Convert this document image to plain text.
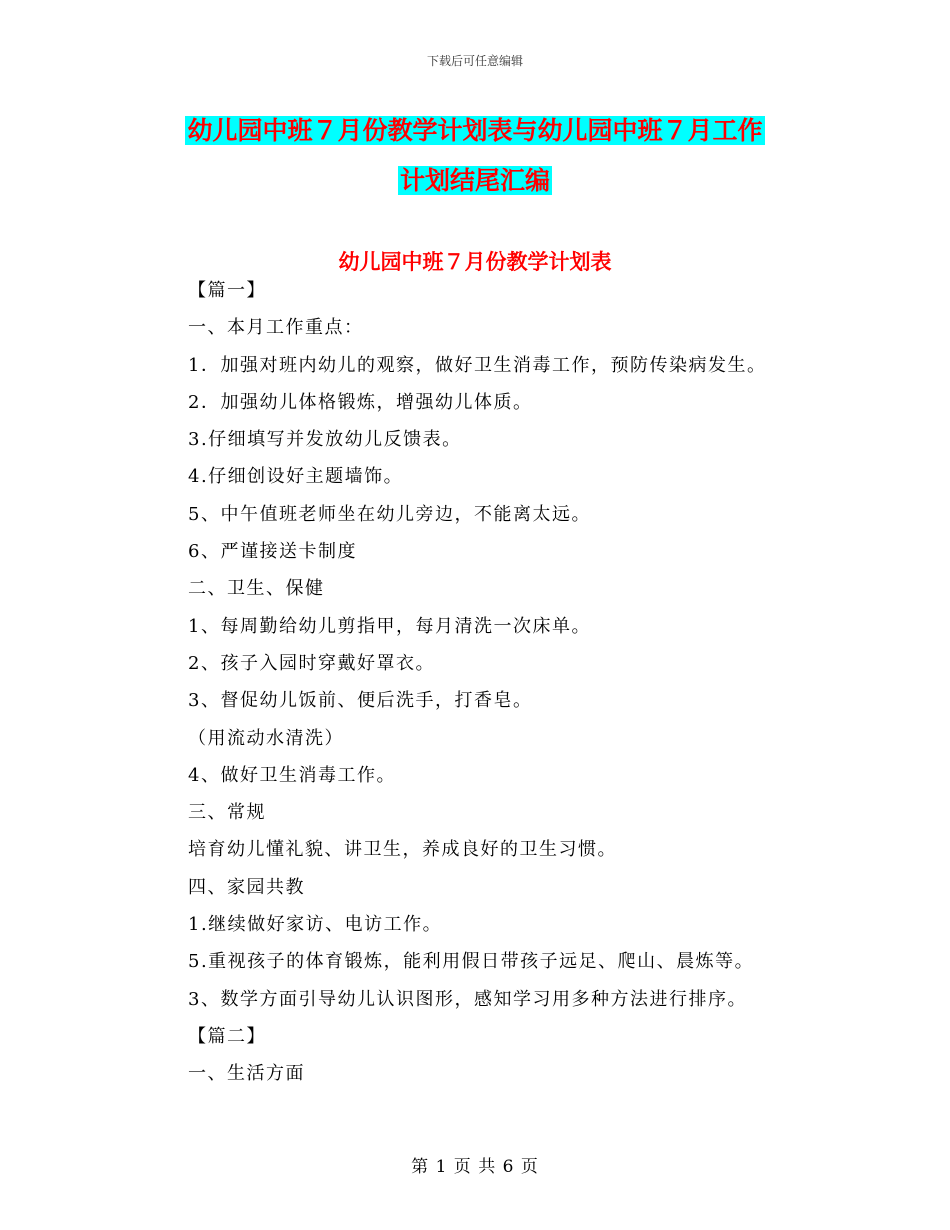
下载后可任意编辑
幼儿园中班７月份教学计划表与幼儿园中班７月工作
计划结尾汇编
幼儿园中班７月份教学计划表
【篇一】
一、本月工作重点：
1．加强对班内幼儿的观察，做好卫生消毒工作，预防传染病发生。
2．加强幼儿体格锻炼，增强幼儿体质。
3.仔细填写并发放幼儿反馈表。
4.仔细创设好主题墙饰。
5、中午值班老师坐在幼儿旁边，不能离太远。
6、严谨接送卡制度
二、卫生、保健
1、每周勤给幼儿剪指甲，每月清洗一次床单。
2、孩子入园时穿戴好罩衣。
3、督促幼儿饭前、便后洗手，打香皂。
（用流动水清洗）
4、做好卫生消毒工作。
三、常规
培育幼儿懂礼貌、讲卫生，养成良好的卫生习惯。
四、家园共教
1.继续做好家访、电访工作。
5.重视孩子的体育锻炼，能利用假日带孩子远足、爬山、晨炼等。
3、数学方面引导幼儿认识图形，感知学习用多种方法进行排序。
【篇二】
一、生活方面
第 1 页 共 6 页
